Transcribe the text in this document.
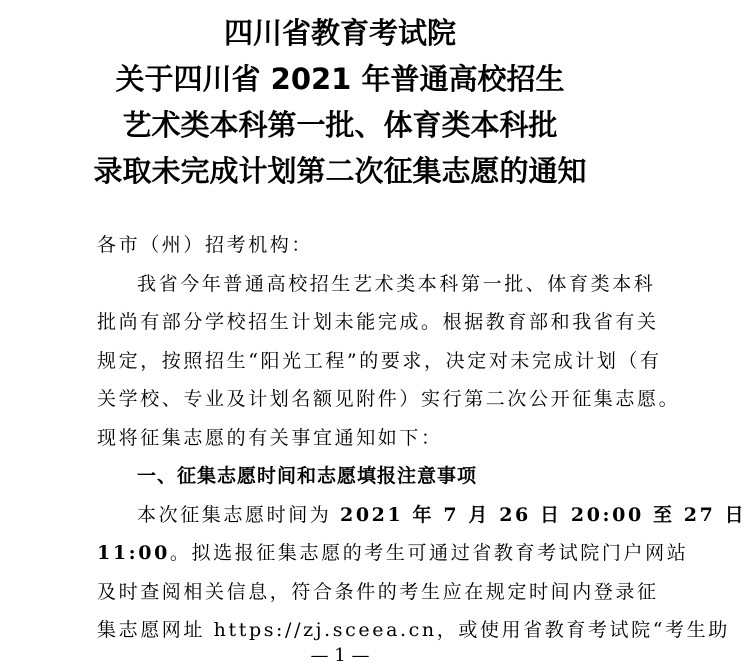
四川省教育考试院
关于四川省 2021 年普通高校招生
艺术类本科第一批、体育类本科批
录取未完成计划第二次征集志愿的通知
各市（州）招考机构：
我省今年普通高校招生艺术类本科第一批、体育类本科
批尚有部分学校招生计划未能完成。根据教育部和我省有关
规定，按照招生“阳光工程”的要求，决定对未完成计划（有
关学校、专业及计划名额见附件）实行第二次公开征集志愿。
现将征集志愿的有关事宜通知如下：
一、征集志愿时间和志愿填报注意事项
本次征集志愿时间为 2021 年 7 月 26 日 20:00 至 27 日
11:00。拟选报征集志愿的考生可通过省教育考试院门户网站
及时查阅相关信息，符合条件的考生应在规定时间内登录征
集志愿网址 https://zj.sceea.cn，或使用省教育考试院“考生助
— 1 —
